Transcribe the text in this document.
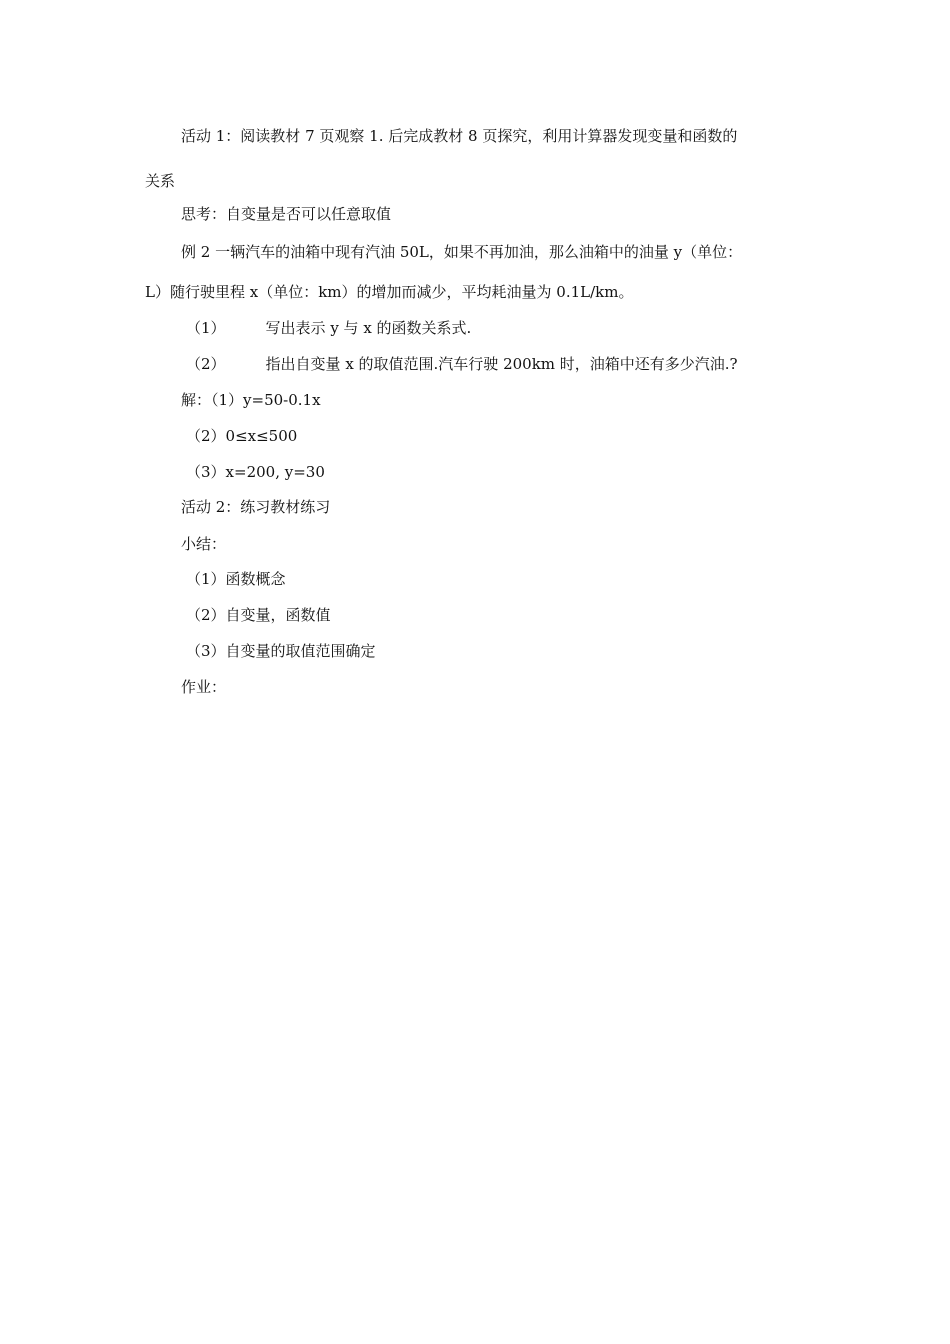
活动 1：阅读教材 7 页观察 1. 后完成教材 8 页探究，利用计算器发现变量和函数的
关系
思考：自变量是否可以任意取值
例 2 一辆汽车的油箱中现有汽油 50L，如果不再加油，那么油箱中的油量 y（单位：
L）随行驶里程 x（单位：km）的增加而减少，平均耗油量为 0.1L/km。
（1）	写出表示 y 与 x 的函数关系式.
（2）	指出自变量 x 的取值范围.汽车行驶 200km 时，油箱中还有多少汽油.?
解：（1）y=50-0.1x
（2）0≤x≤500
（3）x=200, y=30
活动 2：练习教材练习
小结：
（1）函数概念
（2）自变量，函数值
（3）自变量的取值范围确定
作业：
